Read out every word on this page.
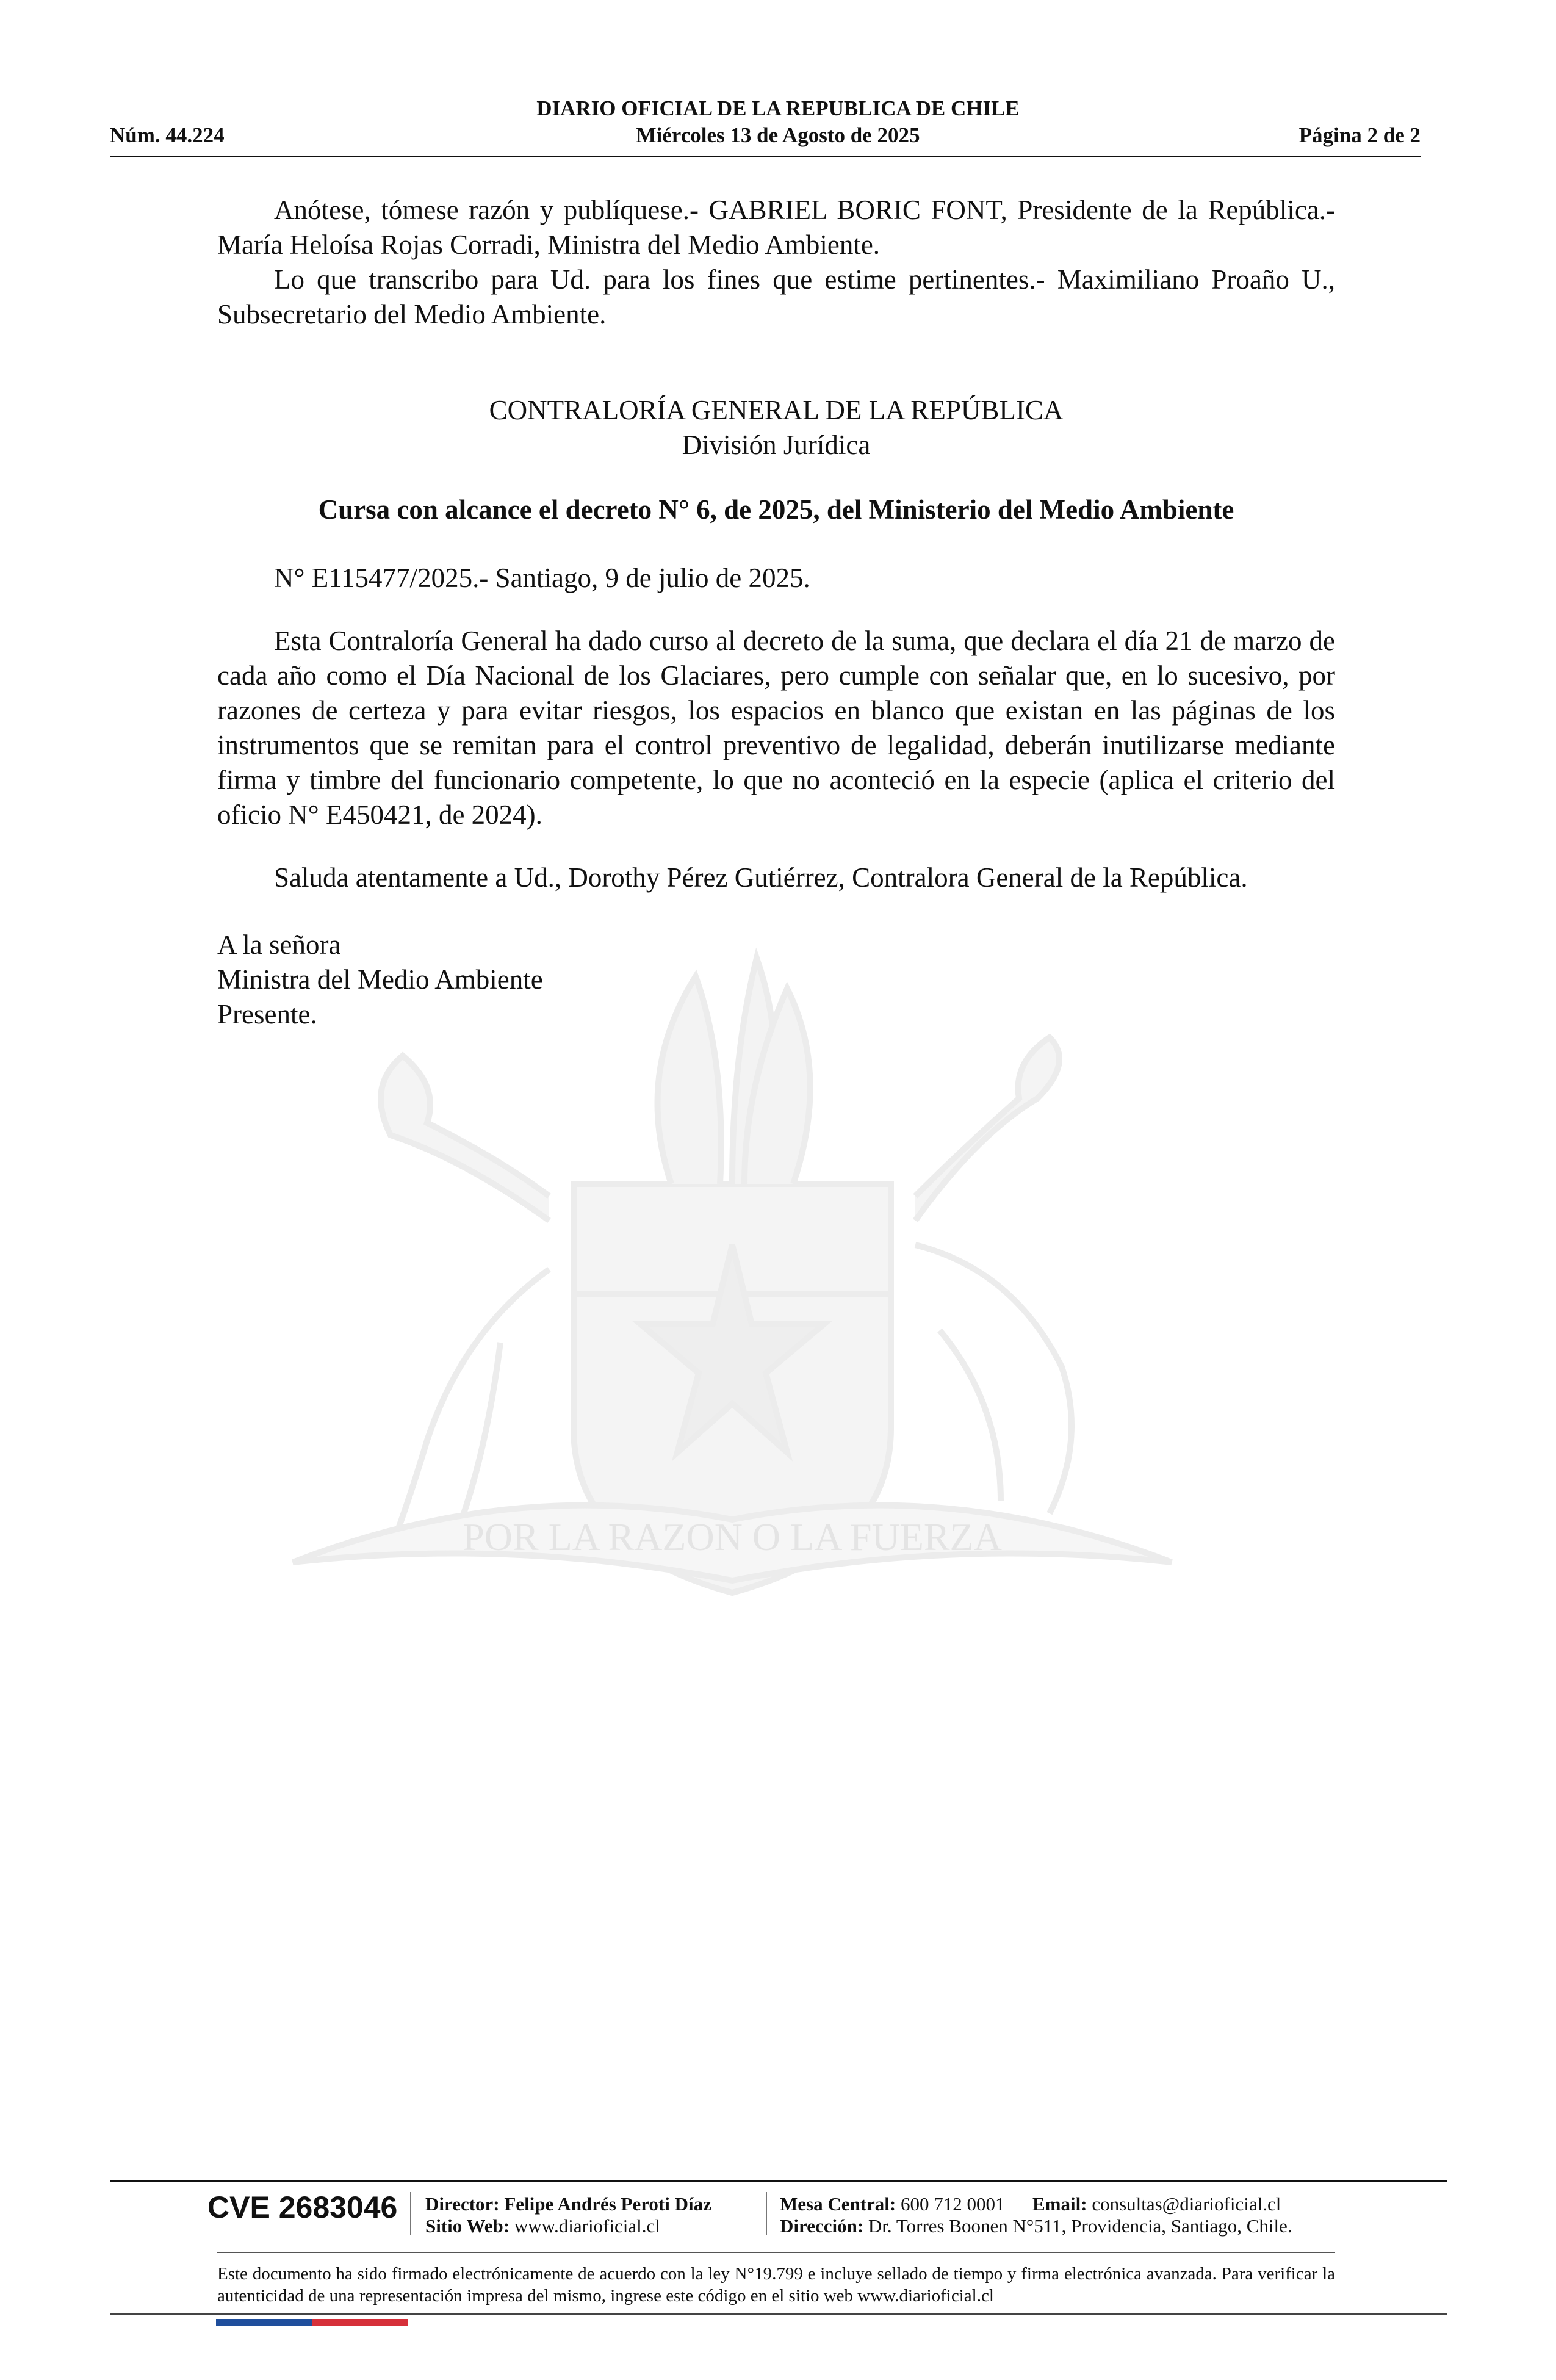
DIARIO OFICIAL DE LA REPUBLICA DE CHILE
Núm. 44.224	Miércoles 13 de Agosto de 2025	Página 2 de 2
POR LA RAZON O LA FUERZA

Anótese, tómese razón y publíquese.- GABRIEL BORIC FONT, Presidente de la República.-María Heloísa Rojas Corradi, Ministra del Medio Ambiente.

Lo que transcribo para Ud. para los fines que estime pertinentes.- Maximiliano Proaño U., Subsecretario del Medio Ambiente.

CONTRALORÍA GENERAL DE LA REPÚBLICA
División Jurídica
Cursa con alcance el decreto N° 6, de 2025, del Ministerio del Medio Ambiente

N° E115477/2025.- Santiago, 9 de julio de 2025.

Esta Contraloría General ha dado curso al decreto de la suma, que declara el día 21 de marzo de cada año como el Día Nacional de los Glaciares, pero cumple con señalar que, en lo sucesivo, por razones de certeza y para evitar riesgos, los espacios en blanco que existan en las páginas de los instrumentos que se remitan para el control preventivo de legalidad, deberán inutilizarse mediante firma y timbre del funcionario competente, lo que no aconteció en la especie (aplica el criterio del oficio N° E450421, de 2024).

Saluda atentamente a Ud., Dorothy Pérez Gutiérrez, Contralora General de la República.

A la señora
Ministra del Medio Ambiente
Presente.
CVE 2683046 Director: Felipe Andrés Peroti Díaz
Sitio Web: www.diarioficial.cl
Mesa Central: 600 712 0001 Email: consultas@diarioficial.cl
Dirección: Dr. Torres Boonen N°511, Providencia, Santiago, Chile.
Este documento ha sido firmado electrónicamente de acuerdo con la ley N°19.799 e incluye sellado de tiempo y firma electrónica avanzada. Para verificar la autenticidad de una representación impresa del mismo, ingrese este código en el sitio web www.diarioficial.cl
